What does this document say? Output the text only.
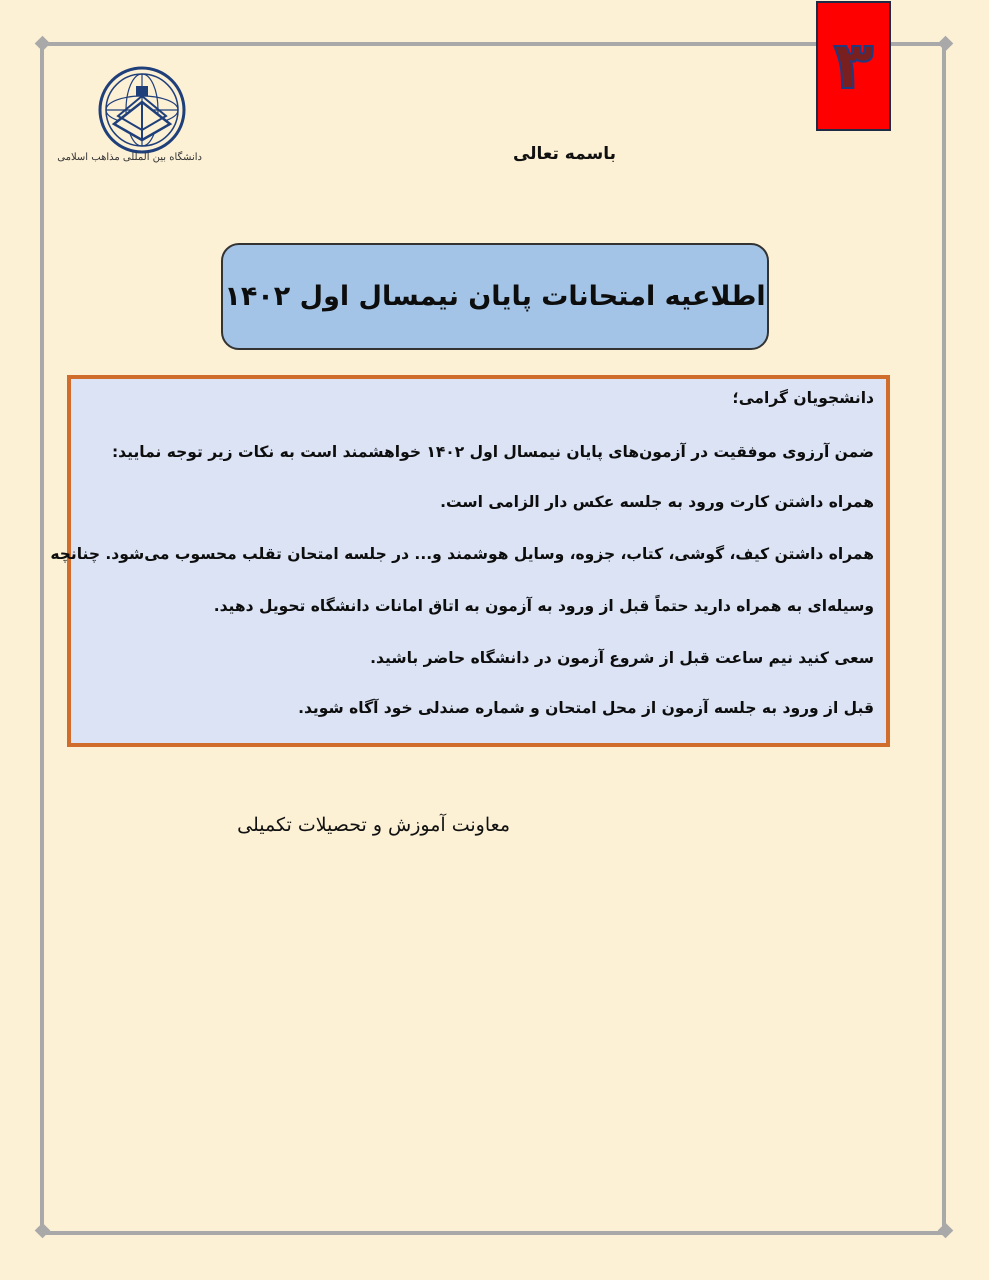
۳
دانشگاه بین المللی مذاهب اسلامی	باسمه تعالی
اطلاعیه امتحانات پایان نیمسال اول ۱۴۰۲
دانشجویان گرامی؛
ضمن آرزوی موفقیت در آزمون‌های پایان نیمسال اول ۱۴۰۲ خواهشمند است به نکات زیر توجه نمایید:
همراه داشتن کارت ورود به جلسه عکس دار الزامی است.
همراه داشتن کیف، گوشی، کتاب، جزوه، وسایل هوشمند و... در جلسه امتحان تقلب محسوب می‌شود. چنانچه
وسیله‌ای به همراه دارید حتماً قبل از ورود به آزمون به اتاق امانات دانشگاه تحویل دهید.
سعی کنید نیم ساعت قبل از شروع آزمون در دانشگاه حاضر باشید.
قبل از ورود به جلسه آزمون از محل امتحان و شماره صندلی خود آگاه شوید.
معاونت آموزش و تحصیلات تکمیلی
